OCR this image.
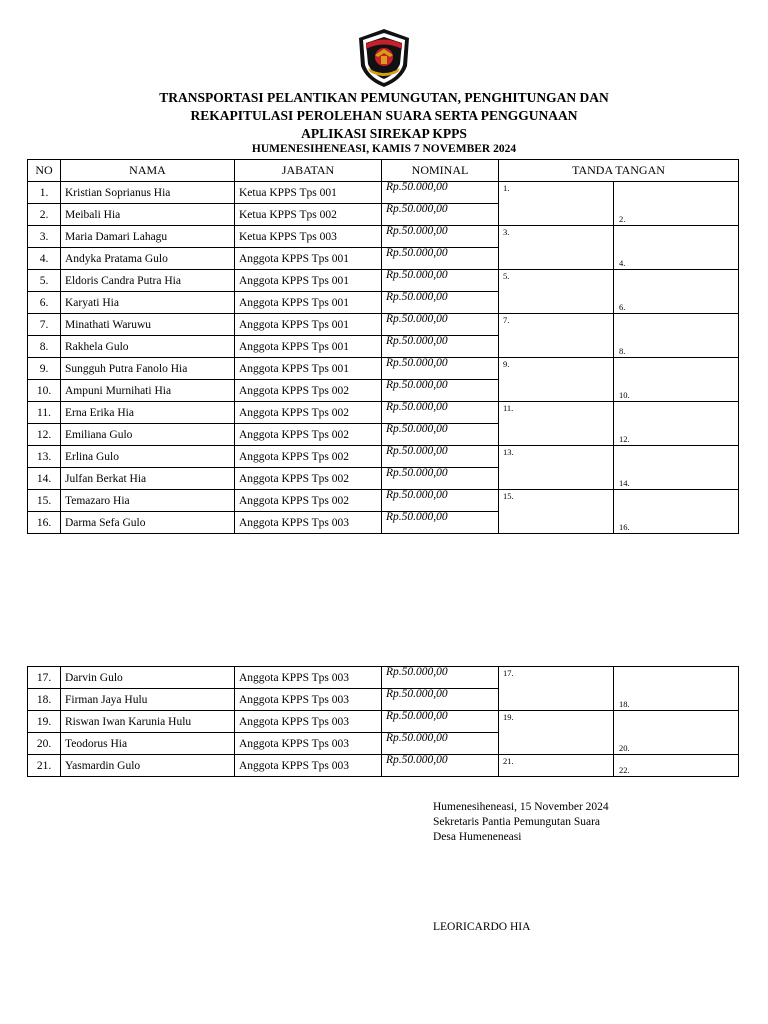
TRANSPORTASI PELANTIKAN PEMUNGUTAN, PENGHITUNGAN DAN
REKAPITULASI PEROLEHAN SUARA SERTA PENGGUNAAN
APLIKASI SIREKAP KPPS
HUMENESIHENEASI, KAMIS 7 NOVEMBER 2024
NO	NAMA	JABATAN	NOMINAL	TANDA TANGAN	
1.	Kristian Soprianus Hia	Ketua KPPS Tps 001	Rp.50.000,00	1.	2.

2.	Meibali Hia	Ketua KPPS Tps 002	Rp.50.000,00		
3.	Maria Damari Lahagu	Ketua KPPS Tps 003	Rp.50.000,00	3.	4.

4.	Andyka Pratama Gulo	Anggota KPPS Tps 001	Rp.50.000,00		
5.	Eldoris Candra Putra Hia	Anggota KPPS Tps 001	Rp.50.000,00	5.	6.

6.	Karyati Hia	Anggota KPPS Tps 001	Rp.50.000,00		
7.	Minathati Waruwu	Anggota KPPS Tps 001	Rp.50.000,00	7.	8.

8.	Rakhela Gulo	Anggota KPPS Tps 001	Rp.50.000,00		
9.	Sungguh Putra Fanolo Hia	Anggota KPPS Tps 001	Rp.50.000,00	9.	10.

10.	Ampuni Murnihati Hia	Anggota KPPS Tps 002	Rp.50.000,00		
11.	Erna Erika Hia	Anggota KPPS Tps 002	Rp.50.000,00	11.	12.

12.	Emiliana Gulo	Anggota KPPS Tps 002	Rp.50.000,00		
13.	Erlina Gulo	Anggota KPPS Tps 002	Rp.50.000,00	13.	14.

14.	Julfan Berkat Hia	Anggota KPPS Tps 002	Rp.50.000,00		
15.	Temazaro Hia	Anggota KPPS Tps 002	Rp.50.000,00	15.	16.

16.	Darma Sefa Gulo	Anggota KPPS Tps 003	Rp.50.000,00		
17.	Darvin Gulo	Anggota KPPS Tps 003	Rp.50.000,00	17.	18.

18.	Firman Jaya Hulu	Anggota KPPS Tps 003	Rp.50.000,00		
19.	Riswan Iwan Karunia Hulu	Anggota KPPS Tps 003	Rp.50.000,00	19.	20.

20.	Teodorus Hia	Anggota KPPS Tps 003	Rp.50.000,00		
21.	Yasmardin Gulo	Anggota KPPS Tps 003	Rp.50.000,00	21.	22.
Humenesiheneasi, 15 November 2024
Sekretaris Pantia Pemungutan Suara
Desa Humeneneasi
LEORICARDO HIA
